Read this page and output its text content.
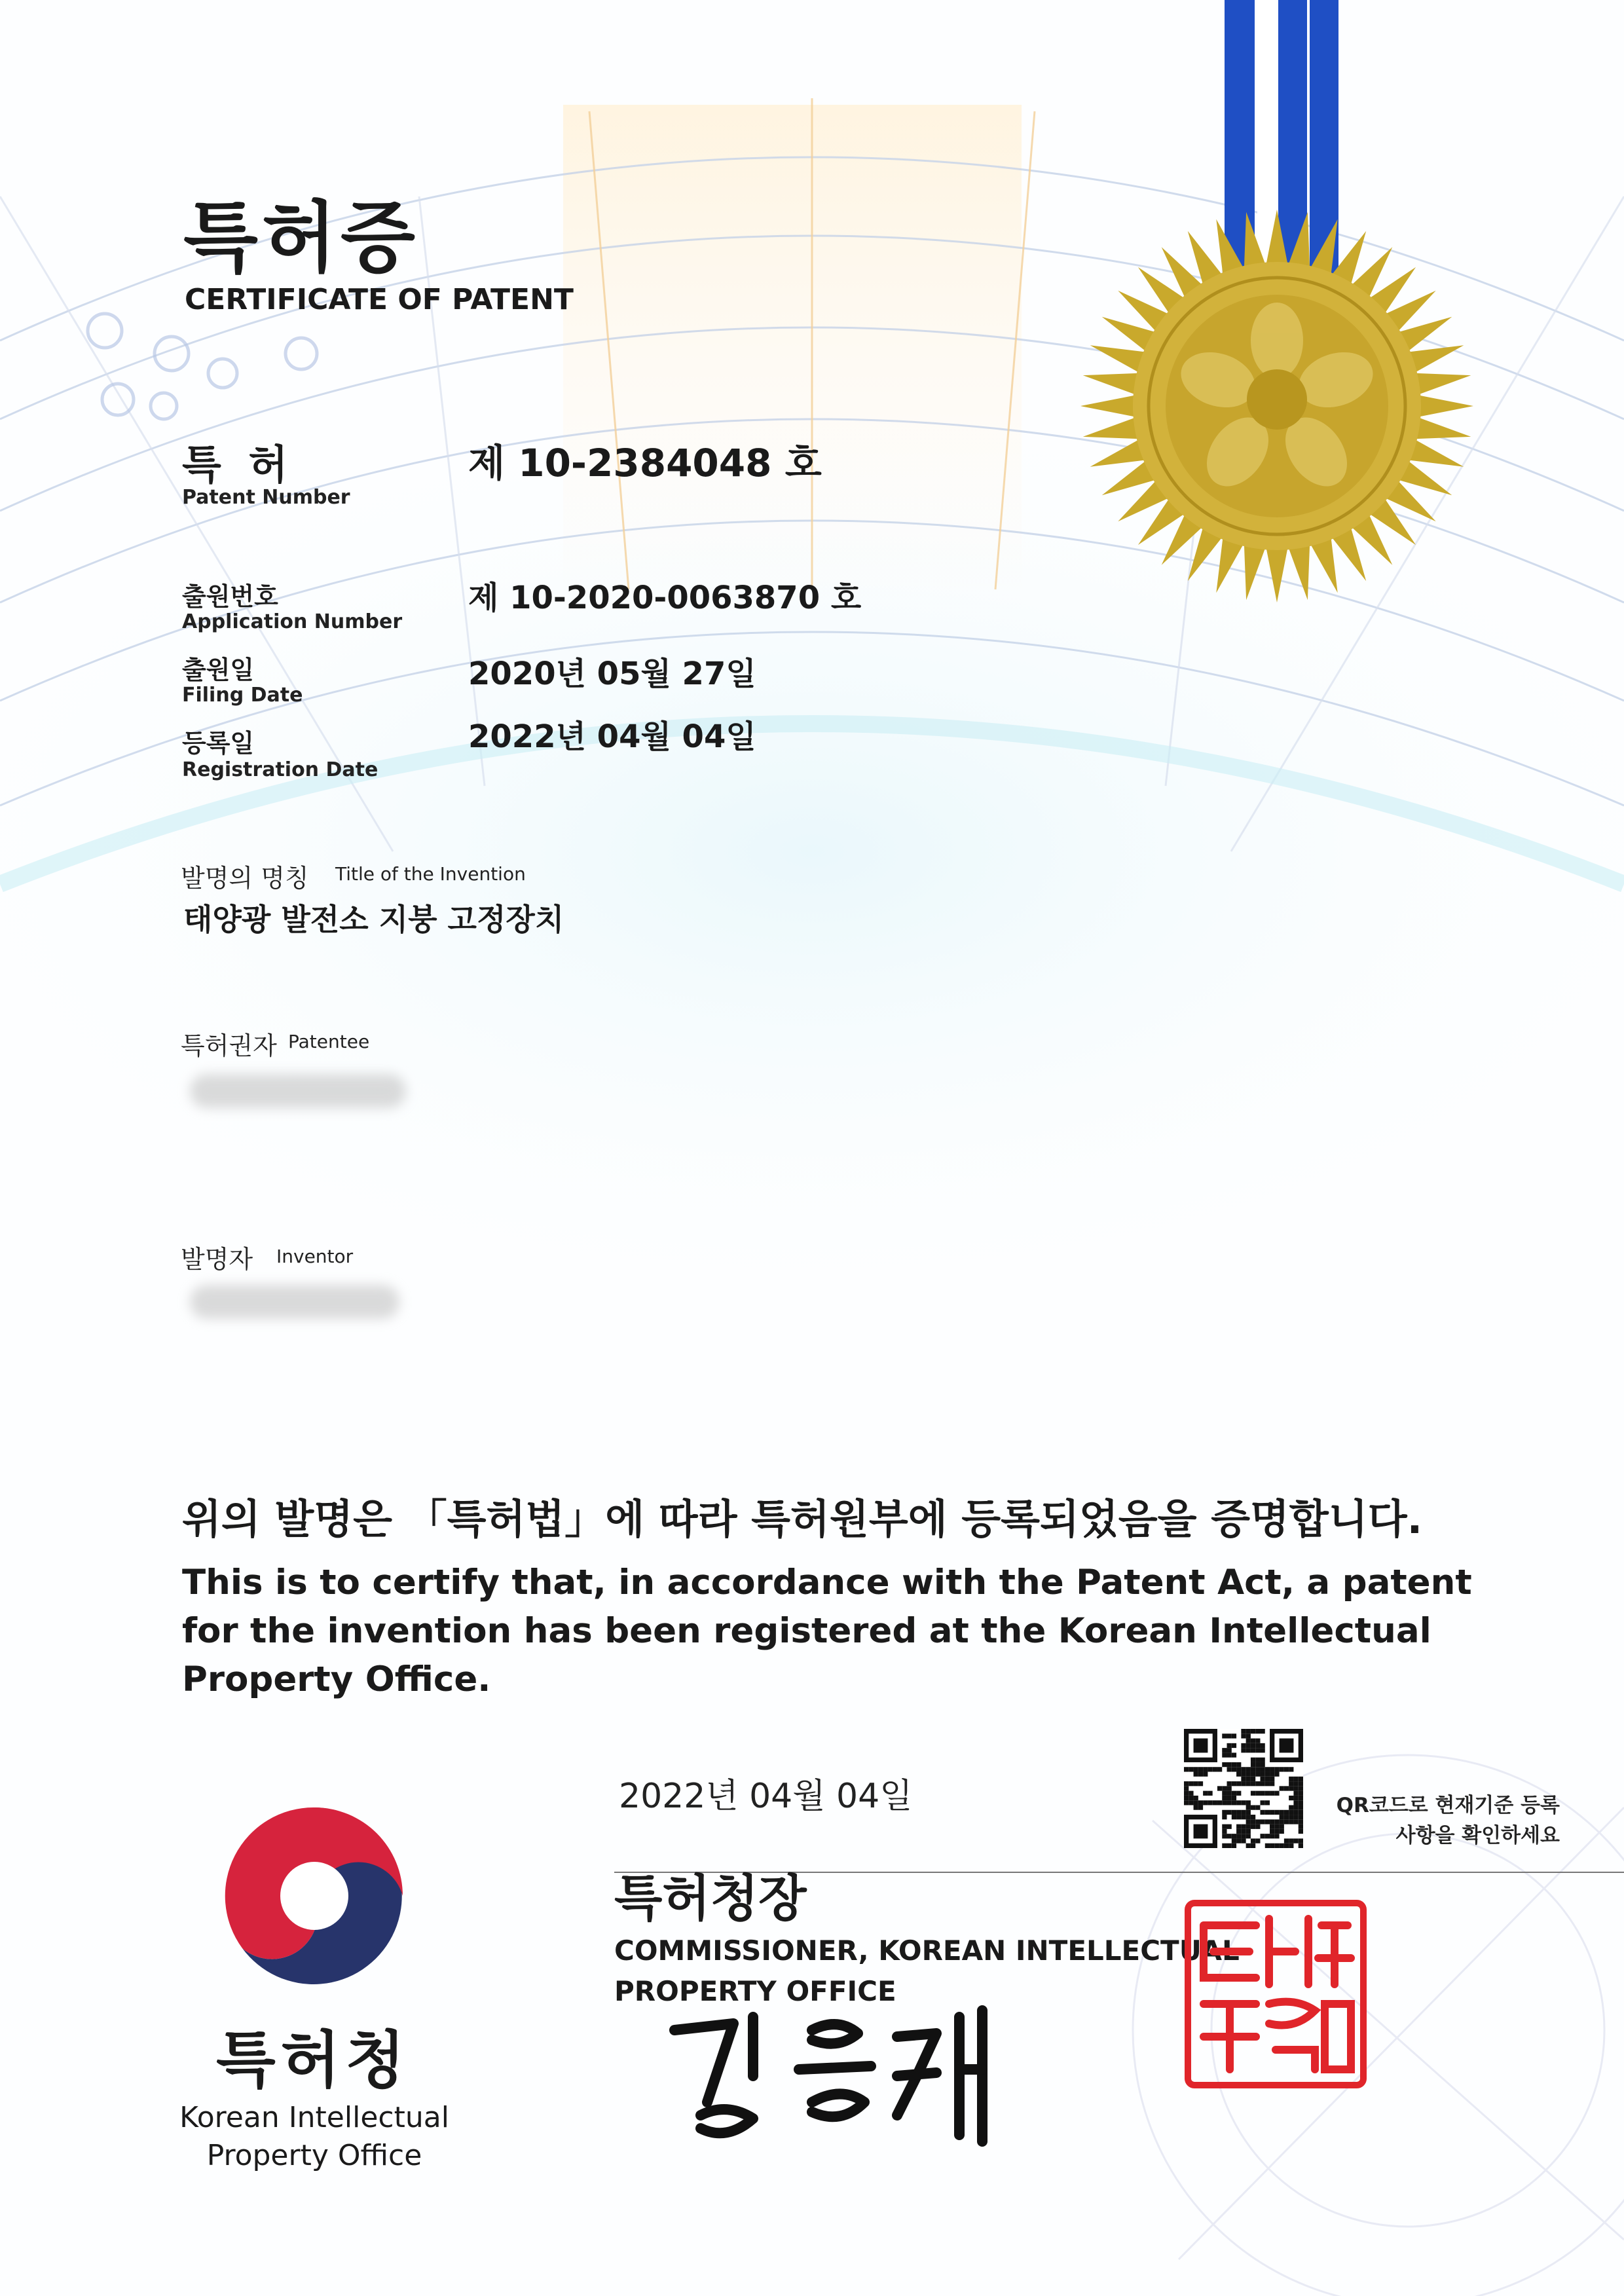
특허증
CERTIFICATE OF PATENT
특 허
Patent Number
제 10-2384048 호
출원번호
Application Number
제 10-2020-0063870 호
출원일
Filing Date
2020년 05월 27일
등록일
Registration Date
2022년 04월 04일
발명의 명칭 Title of the Invention
태양광 발전소 지붕 고정장치
특허권자 Patentee
발명자 Inventor
위의 발명은 「특허법」에 따라 특허원부에 등록되었음을 증명합니다.
This is to certify that, in accordance with the Patent Act, a patent for the invention has been registered at the Korean Intellectual Property Office.
2022년 04월 04일
특허청장
COMMISSIONER, KOREAN INTELLECTUAL PROPERTY OFFICE
QR코드로 현재기준 등록사항을 확인하세요
특허청
Korean Intellectual Property Office
